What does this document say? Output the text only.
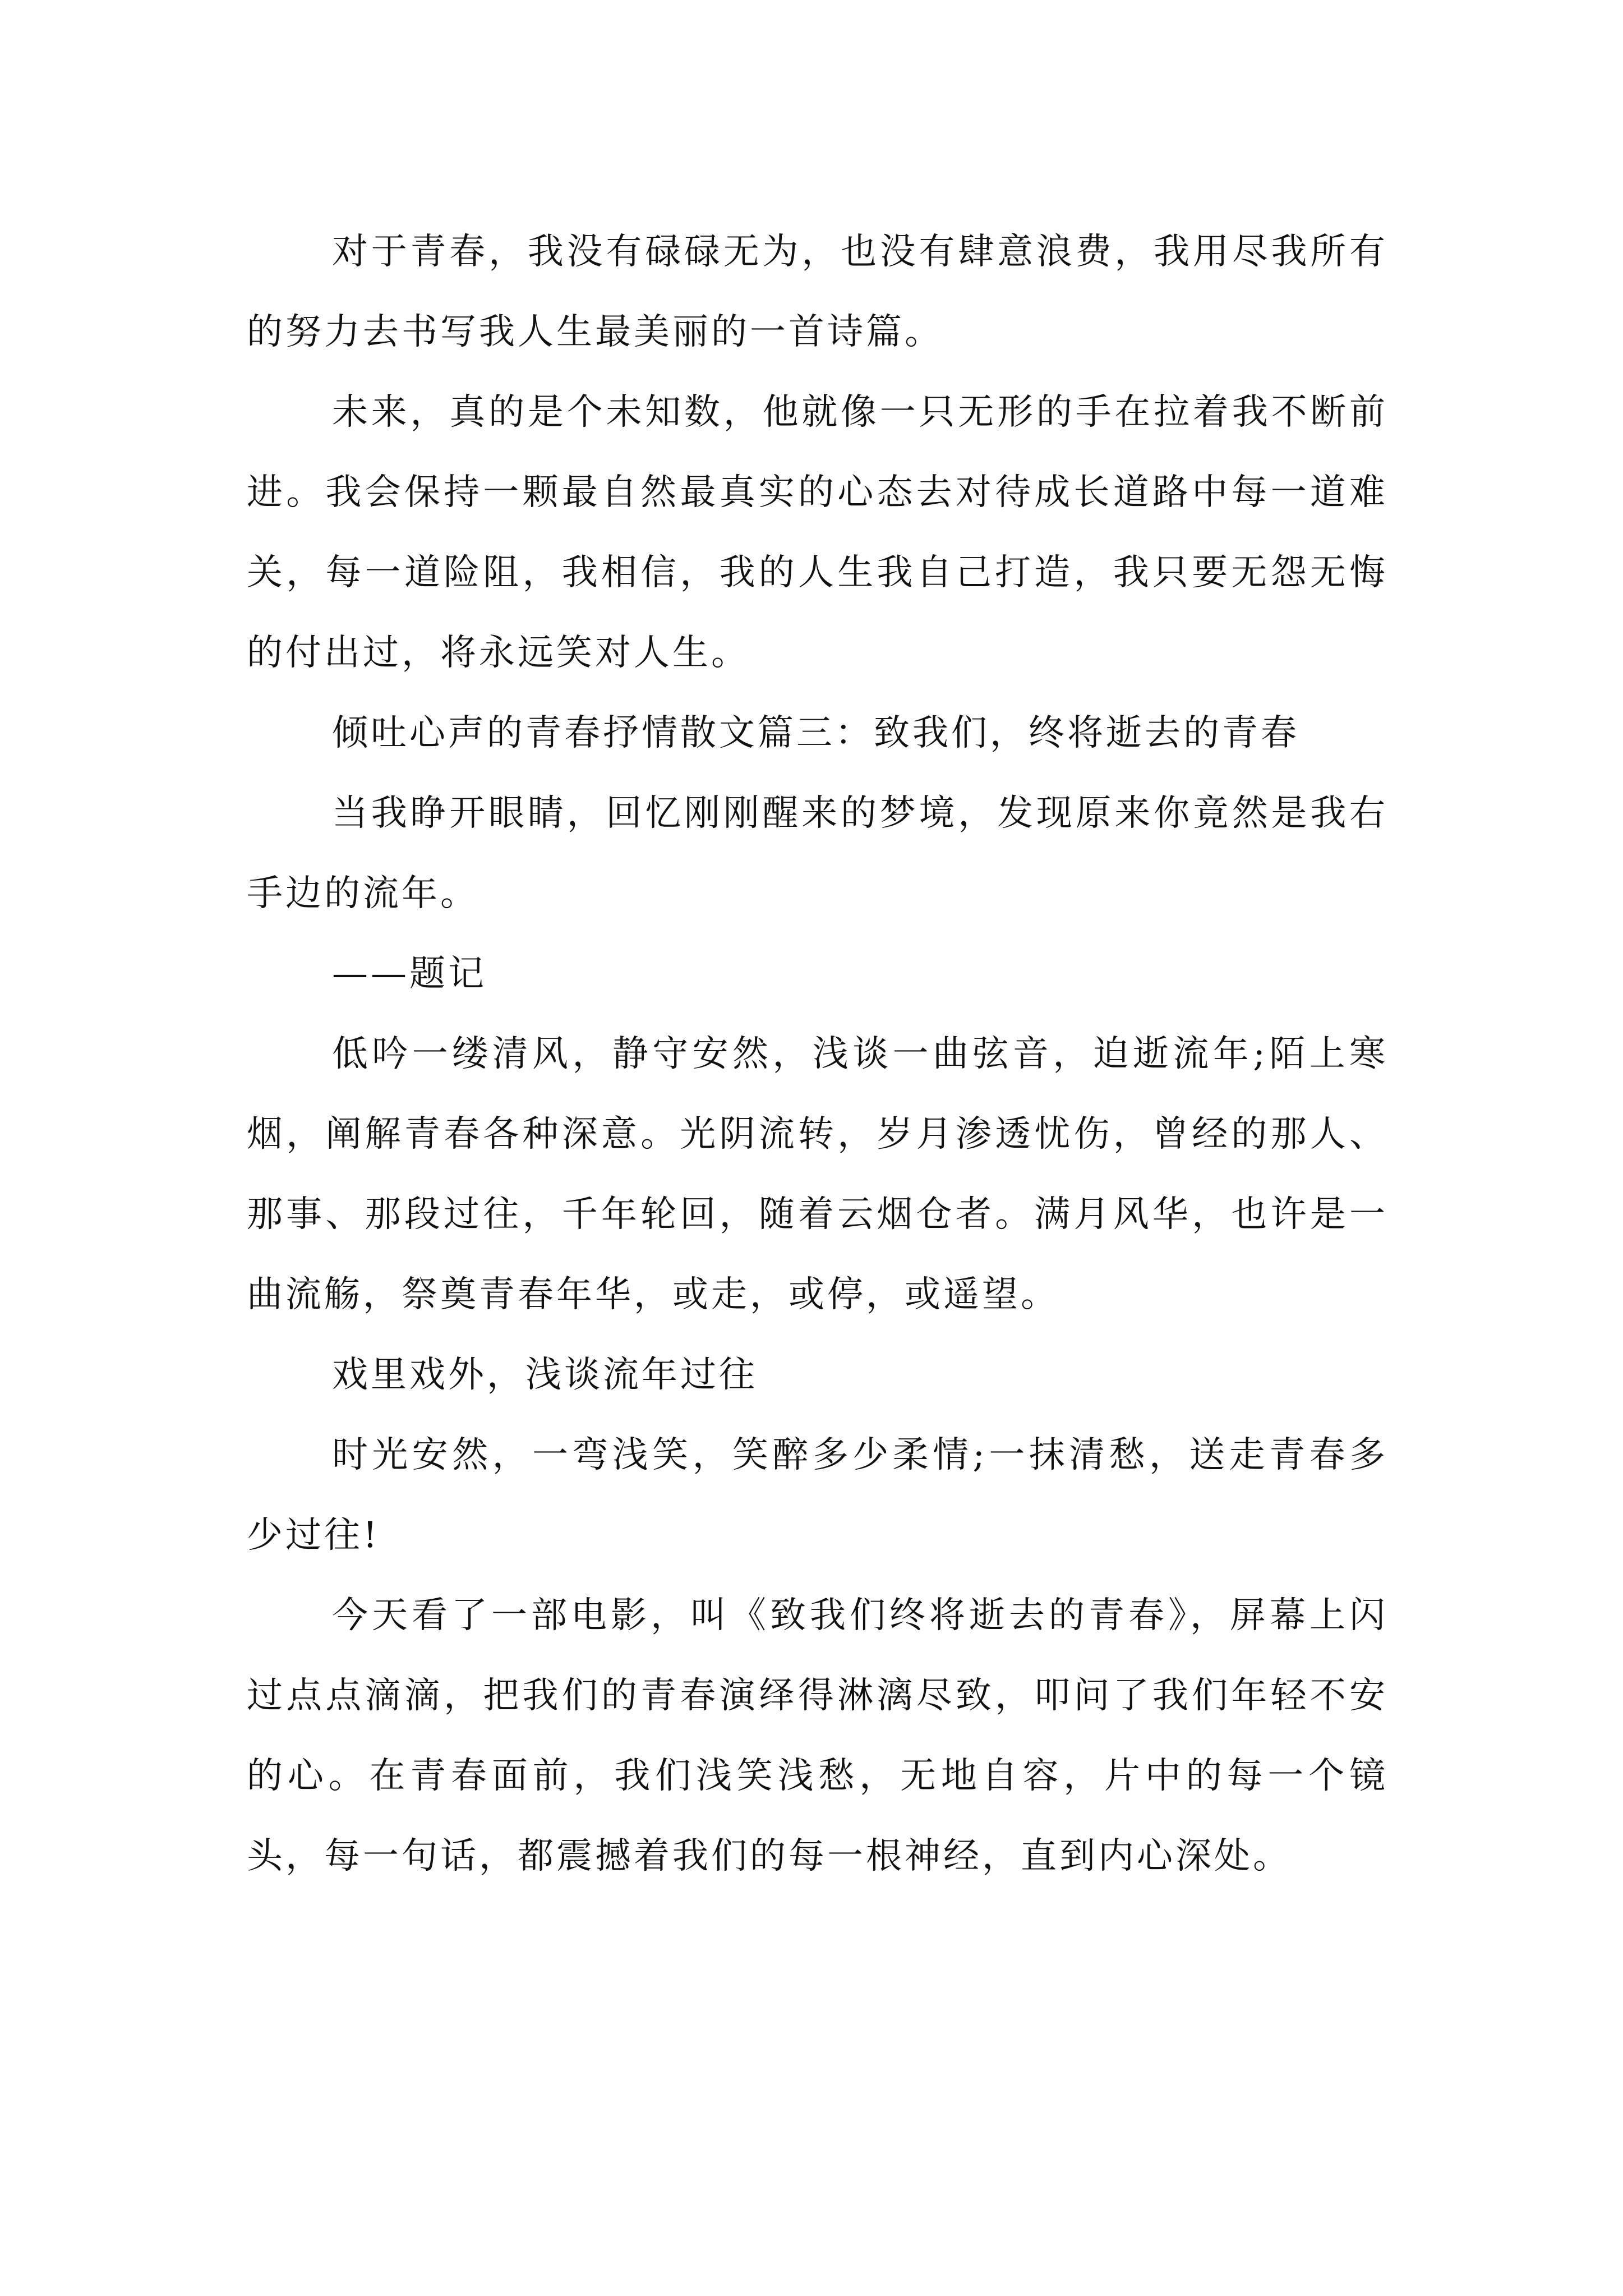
对于青春，我没有碌碌无为，也没有肆意浪费，我用尽我所有的努力去书写我人生最美丽的一首诗篇。

未来，真的是个未知数，他就像一只无形的手在拉着我不断前进。我会保持一颗最自然最真实的心态去对待成长道路中每一道难关，每一道险阻，我相信，我的人生我自己打造，我只要无怨无悔的付出过，将永远笑对人生。

倾吐心声的青春抒情散文篇三：致我们，终将逝去的青春

当我睁开眼睛，回忆刚刚醒来的梦境，发现原来你竟然是我右手边的流年。

——题记

低吟一缕清风，静守安然，浅谈一曲弦音，迫逝流年;陌上寒烟，阐解青春各种深意。光阴流转，岁月渗透忧伤，曾经的那人、那事、那段过往，千年轮回，随着云烟仓者。满月风华，也许是一曲流觞，祭奠青春年华，或走，或停，或遥望。

戏里戏外，浅谈流年过往

时光安然，一弯浅笑，笑醉多少柔情;一抹清愁，送走青春多少过往!

今天看了一部电影，叫《致我们终将逝去的青春》，屏幕上闪过点点滴滴，把我们的青春演绎得淋漓尽致，叩问了我们年轻不安的心。在青春面前，我们浅笑浅愁，无地自容，片中的每一个镜头，每一句话，都震撼着我们的每一根神经，直到内心深处。
